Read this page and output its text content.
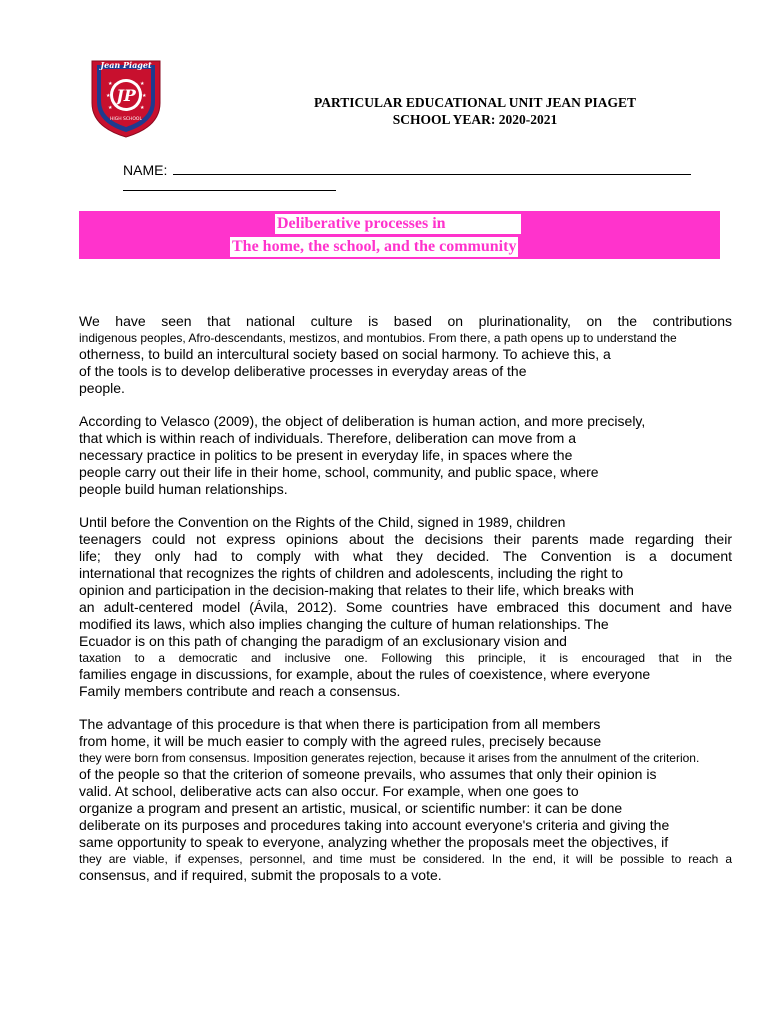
Jean Piaget
JP
★	★
★	★
★	★
HIGH SCHOOL
PARTICULAR EDUCATIONAL UNIT JEAN PIAGET
SCHOOL YEAR: 2020-2021
NAME:
Deliberative processes in
The home, the school, and the community

We have seen that national culture is based on plurinationality, on the contributions
indigenous peoples, Afro-descendants, mestizos, and montubios. From there, a path opens up to understand the
otherness, to build an intercultural society based on social harmony. To achieve this, a
of the tools is to develop deliberative processes in everyday areas of the
people.

According to Velasco (2009), the object of deliberation is human action, and more precisely,
that which is within reach of individuals. Therefore, deliberation can move from a
necessary practice in politics to be present in everyday life, in spaces where the
people carry out their life in their home, school, community, and public space, where
people build human relationships.

Until before the Convention on the Rights of the Child, signed in 1989, children
teenagers could not express opinions about the decisions their parents made regarding their
life; they only had to comply with what they decided. The Convention is a document
international that recognizes the rights of children and adolescents, including the right to
opinion and participation in the decision-making that relates to their life, which breaks with
an adult-centered model (Ávila, 2012). Some countries have embraced this document and have
modified its laws, which also implies changing the culture of human relationships. The
Ecuador is on this path of changing the paradigm of an exclusionary vision and
taxation to a democratic and inclusive one. Following this principle, it is encouraged that in the
families engage in discussions, for example, about the rules of coexistence, where everyone
Family members contribute and reach a consensus.

The advantage of this procedure is that when there is participation from all members
from home, it will be much easier to comply with the agreed rules, precisely because
they were born from consensus. Imposition generates rejection, because it arises from the annulment of the criterion.
of the people so that the criterion of someone prevails, who assumes that only their opinion is
valid. At school, deliberative acts can also occur. For example, when one goes to
organize a program and present an artistic, musical, or scientific number: it can be done
deliberate on its purposes and procedures taking into account everyone's criteria and giving the
same opportunity to speak to everyone, analyzing whether the proposals meet the objectives, if
they are viable, if expenses, personnel, and time must be considered. In the end, it will be possible to reach a
consensus, and if required, submit the proposals to a vote.
